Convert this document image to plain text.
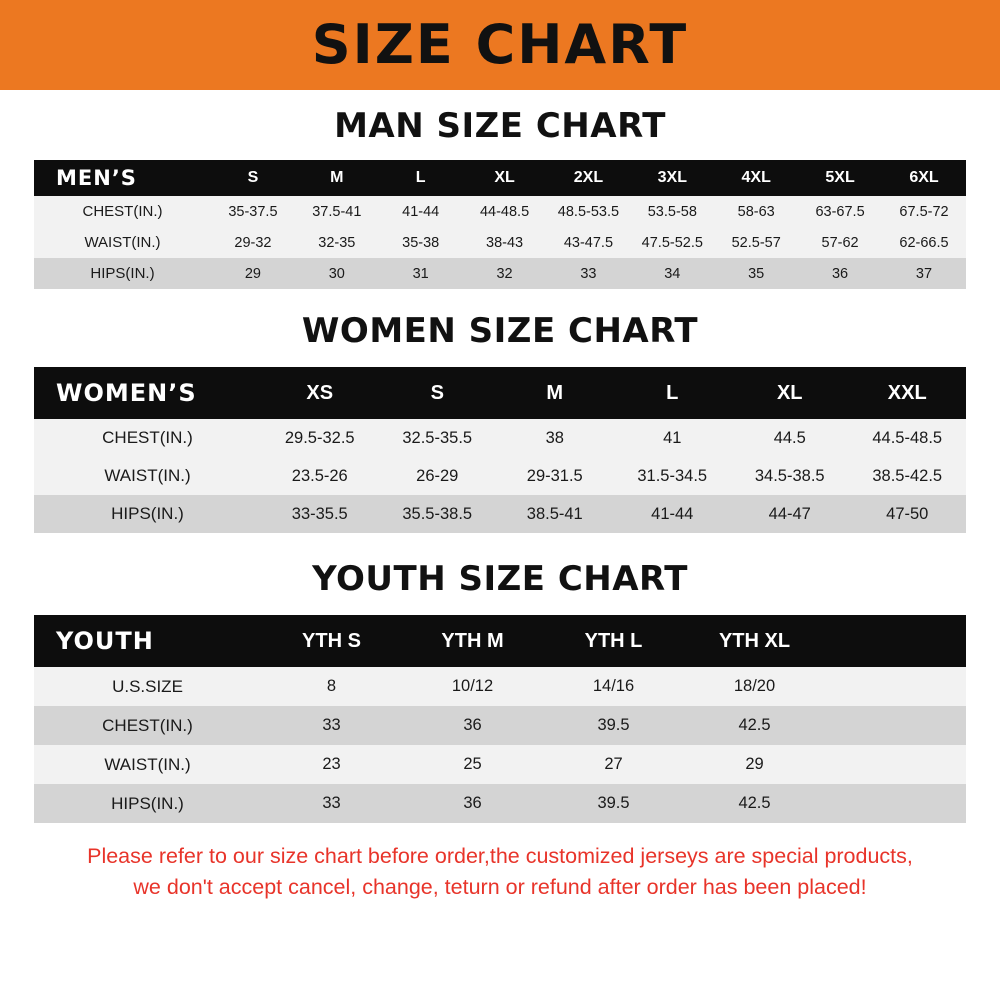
SIZE CHART
MAN SIZE CHART
MEN’S	S	M	L	XL	2XL	3XL	4XL	5XL	6XL
CHEST(IN.)	35-37.5	37.5-41	41-44	44-48.5	48.5-53.5	53.5-58	58-63	63-67.5	67.5-72
WAIST(IN.)	29-32	32-35	35-38	38-43	43-47.5	47.5-52.5	52.5-57	57-62	62-66.5
HIPS(IN.)	29	30	31	32	33	34	35	36	37
WOMEN SIZE CHART
WOMEN’S	XS	S	M	L	XL	XXL
CHEST(IN.)	29.5-32.5	32.5-35.5	38	41	44.5	44.5-48.5
WAIST(IN.)	23.5-26	26-29	29-31.5	31.5-34.5	34.5-38.5	38.5-42.5
HIPS(IN.)	33-35.5	35.5-38.5	38.5-41	41-44	44-47	47-50
YOUTH SIZE CHART
YOUTH	YTH S	YTH M	YTH L	YTH XL	
U.S.SIZE	8	10/12	14/16	18/20	
CHEST(IN.)	33	36	39.5	42.5	
WAIST(IN.)	23	25	27	29	
HIPS(IN.)	33	36	39.5	42.5	
Please refer to our size chart before order,the customized jerseys are special products,
we don't accept cancel, change, teturn or refund after order has been placed!
